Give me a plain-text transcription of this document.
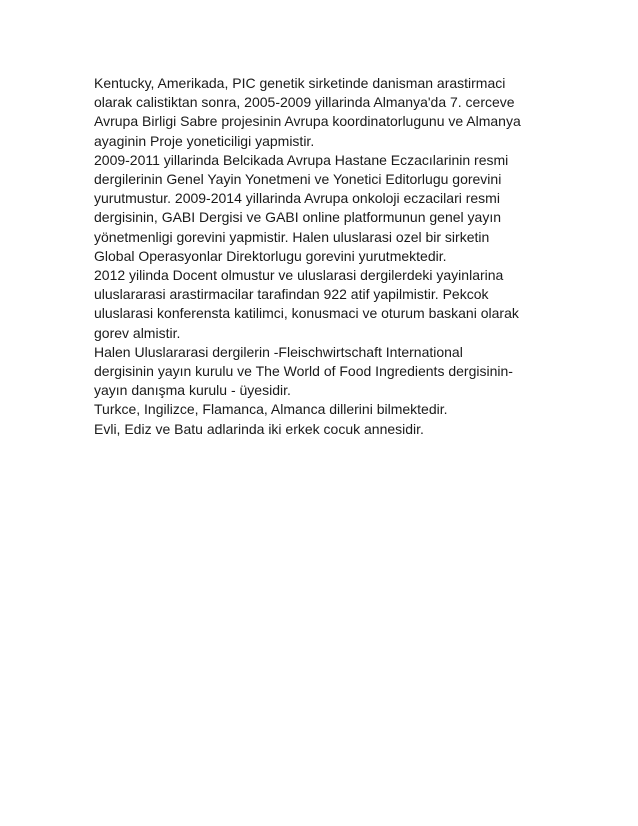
Kentucky, Amerikada, PIC genetik sirketinde danisman arastirmaci
olarak calistiktan sonra, 2005-2009 yillarinda Almanya'da 7. cerceve
Avrupa Birligi Sabre projesinin Avrupa koordinatorlugunu ve Almanya
ayaginin Proje yoneticiligi yapmistir.
2009-2011 yillarinda Belcikada Avrupa Hastane Eczacılarinin resmi
dergilerinin Genel Yayin Yonetmeni ve Yonetici Editorlugu gorevini
yurutmustur. 2009-2014 yillarinda Avrupa onkoloji eczacilari resmi
dergisinin, GABI Dergisi ve GABI online platformunun genel yayın
yönetmenligi gorevini yapmistir. Halen uluslarasi ozel bir sirketin
Global Operasyonlar Direktorlugu gorevini yurutmektedir.
2012 yilinda Docent olmustur ve uluslarasi dergilerdeki yayinlarina
uluslararasi arastirmacilar tarafindan 922 atif yapilmistir. Pekcok
uluslarasi konferensta katilimci, konusmaci ve oturum baskani olarak
gorev almistir.
Halen Uluslararasi dergilerin -Fleischwirtschaft International
dergisinin yayın kurulu ve The World of Food Ingredients dergisinin-
yayın danışma kurulu - üyesidir.
Turkce, Ingilizce, Flamanca, Almanca dillerini bilmektedir.
Evli, Ediz ve Batu adlarinda iki erkek cocuk annesidir.
